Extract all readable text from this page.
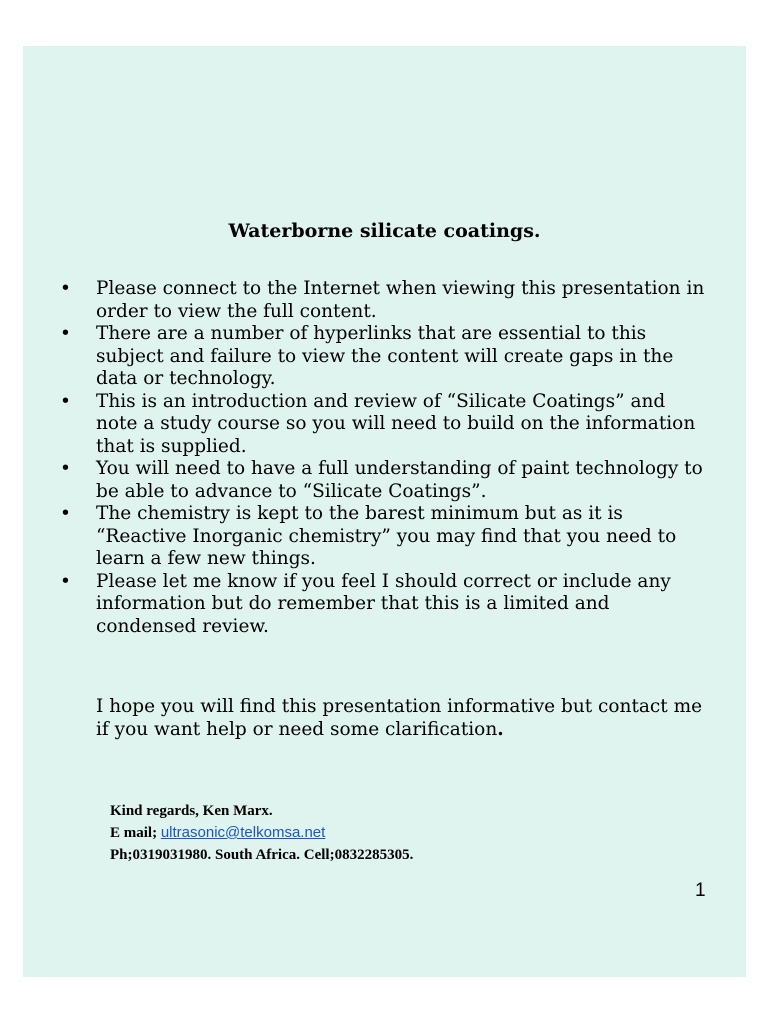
Waterborne silicate coatings.
• Please connect to the Internet when viewing this presentation in order to view the full content.
• There are a number of hyperlinks that are essential to this subject and failure to view the content will create gaps in the data or technology.
• This is an introduction and review of “Silicate Coatings” and note a study course so you will need to build on the information that is supplied.
• You will need to have a full understanding of paint technology to be able to advance to “Silicate Coatings”.
• The chemistry is kept to the barest minimum but as it is “Reactive Inorganic chemistry” you may find that you need to learn a few new things.
• Please let me know if you feel I should correct or include any information but do remember that this is a limited and condensed review.

I hope you will find this presentation informative but contact me if you want help or need some clarification.

Kind regards, Ken Marx.
E mail; ultrasonic@telkomsa.net
Ph;0319031980. South Africa. Cell;0832285305.
1
